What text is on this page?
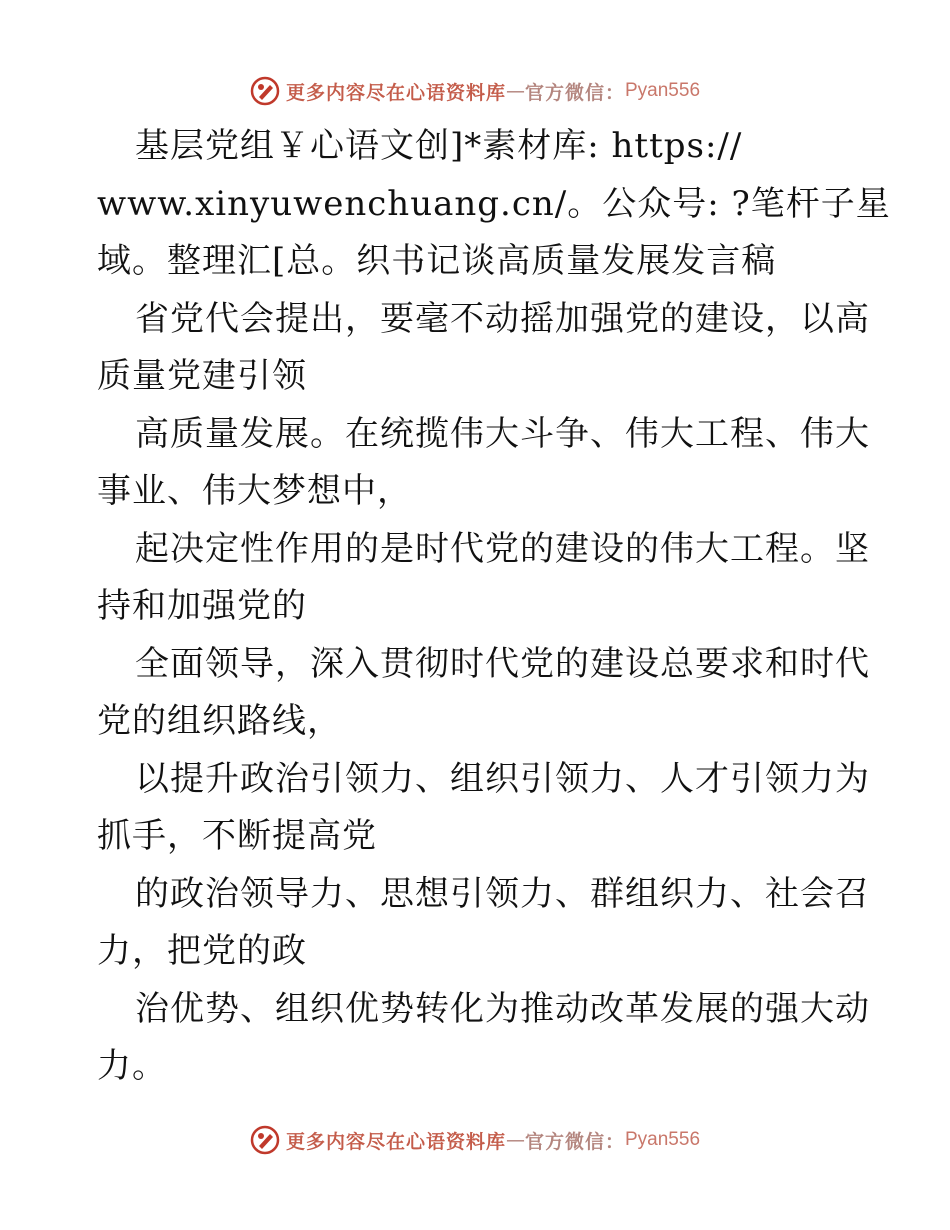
更多内容尽在心语资料库 — 官方微信： Pyan556
基层党组￥心语文创]*素材库: https://
www.xinyuwenchuang.cn/。公众号: ?笔杆子星
域。整理汇[总。织书记谈高质量发展发言稿
省党代会提出，要毫不动摇加强党的建设，以高
质量党建引领
高质量发展。在统揽伟大斗争、伟大工程、伟大
事业、伟大梦想中，
起决定性作用的是时代党的建设的伟大工程。坚
持和加强党的
全面领导，深入贯彻时代党的建设总要求和时代
党的组织路线，
以提升政治引领力、组织引领力、人才引领力为
抓手，不断提高党
的政治领导力、思想引领力、群组织力、社会召
力，把党的政
治优势、组织优势转化为推动改革发展的强大动
力。
更多内容尽在心语资料库 — 官方微信： Pyan556
